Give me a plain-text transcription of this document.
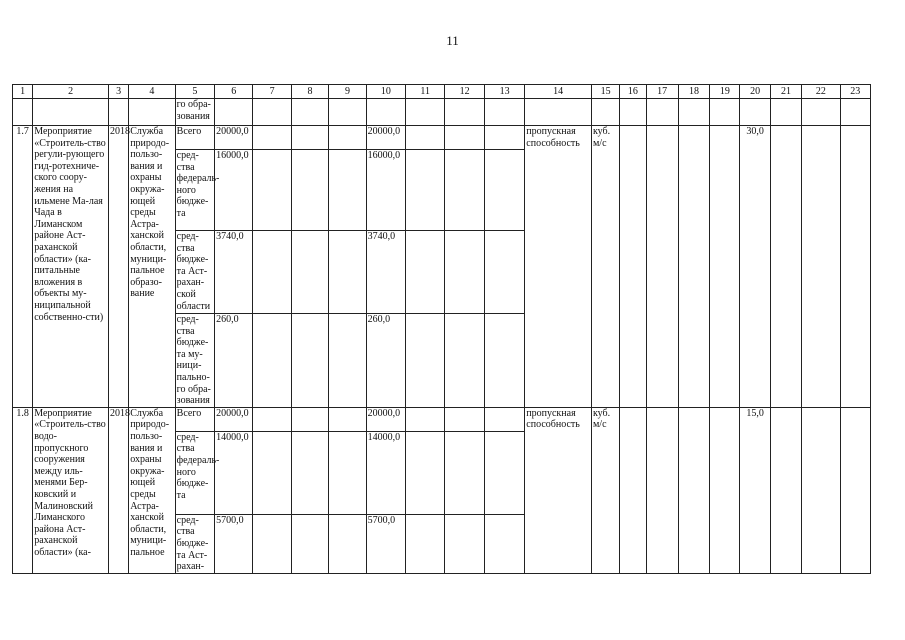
11
1	2	3	4	5	6	7	8	9	10	11	12	13	14	15	16	17	18	19	20	21	22	23
				го обра-зования																		
1.7	Мероприятие «Строитель-ство регули-рующего гид-ротехниче-ского соору-жения на ильмене Ма-лая Чада в Лиманском районе Аст-раханской области» (ка-питальные вложения в объекты му-ниципальной собственно-сти)	2018	Служба природо-пользо-вания и охраны окружа-ющей среды Астра-ханской области, муници-пальное образо-вание	Всего	20000,0				20000,0				пропускная способность	куб. м/с					30,0			
				сред-ства федераль-ного бюдже-та	16000,0				16000,0													
				сред-ства бюдже-та Аст-рахан-ской области	3740,0				3740,0													
				сред-ства бюдже-та му-ници-пально-го обра-зования	260,0				260,0													
1.8	Мероприятие «Строитель-ство водо-пропускного сооружения между иль-менями Бер-ковский и Малиновский Лиманского района Аст-раханской области» (ка-	2018	Служба природо-пользо-вания и охраны окружа-ющей среды Астра-ханской области, муници-пальное	Всего	20000,0				20000,0				пропускная способность	куб. м/с					15,0			
				сред-ства федераль-ного бюдже-та	14000,0				14000,0													
				сред-ства бюдже-та Аст-рахан-	5700,0				5700,0													
